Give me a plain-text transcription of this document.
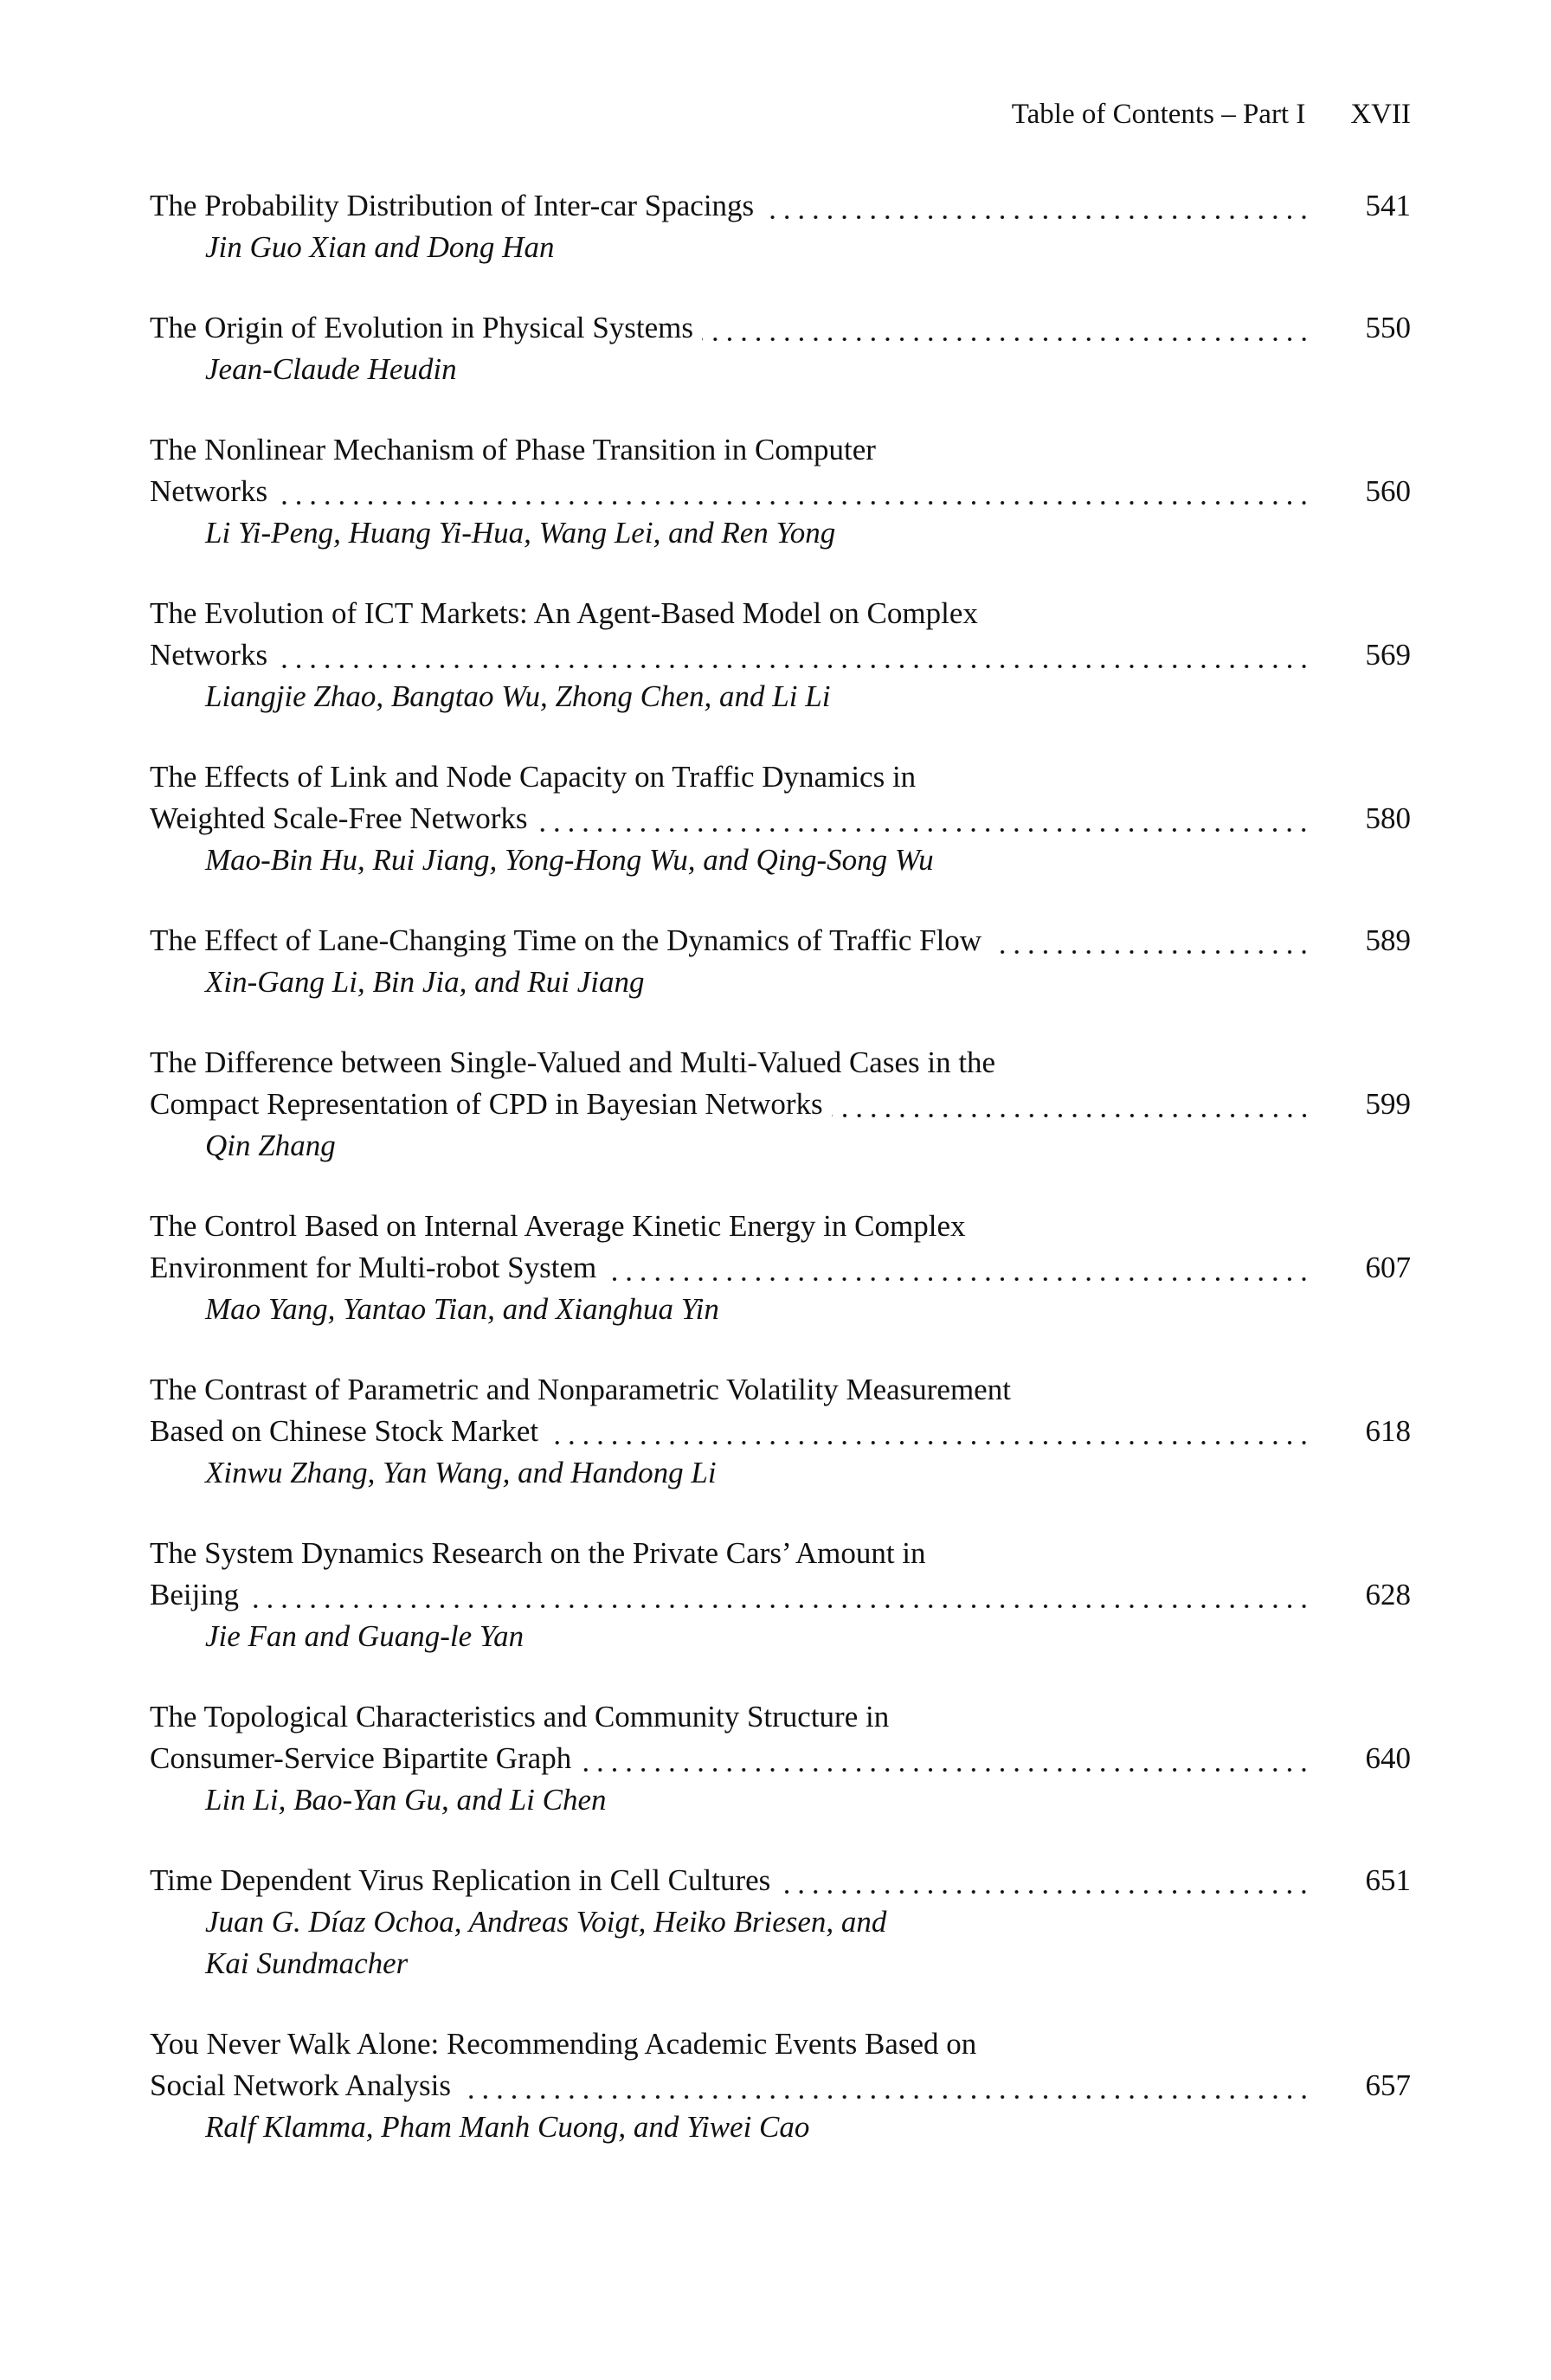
Table of Contents – Part I XVII
The Probability Distribution of Inter-car Spacings	541
Jin Guo Xian and Dong Han
The Origin of Evolution in Physical Systems	550
Jean-Claude Heudin
The Nonlinear Mechanism of Phase Transition in Computer
Networks	560
Li Yi-Peng, Huang Yi-Hua, Wang Lei, and Ren Yong
The Evolution of ICT Markets: An Agent-Based Model on Complex
Networks	569
Liangjie Zhao, Bangtao Wu, Zhong Chen, and Li Li
The Effects of Link and Node Capacity on Traffic Dynamics in
Weighted Scale-Free Networks	580
Mao-Bin Hu, Rui Jiang, Yong-Hong Wu, and Qing-Song Wu
The Effect of Lane-Changing Time on the Dynamics of Traffic Flow	589
Xin-Gang Li, Bin Jia, and Rui Jiang
The Difference between Single-Valued and Multi-Valued Cases in the
Compact Representation of CPD in Bayesian Networks	599
Qin Zhang
The Control Based on Internal Average Kinetic Energy in Complex
Environment for Multi-robot System	607
Mao Yang, Yantao Tian, and Xianghua Yin
The Contrast of Parametric and Nonparametric Volatility Measurement
Based on Chinese Stock Market	618
Xinwu Zhang, Yan Wang, and Handong Li
The System Dynamics Research on the Private Cars’ Amount in
Beijing	628
Jie Fan and Guang-le Yan
The Topological Characteristics and Community Structure in
Consumer-Service Bipartite Graph	640
Lin Li, Bao-Yan Gu, and Li Chen
Time Dependent Virus Replication in Cell Cultures	651
Juan G. Díaz Ochoa, Andreas Voigt, Heiko Briesen, and
Kai Sundmacher
You Never Walk Alone: Recommending Academic Events Based on
Social Network Analysis	657
Ralf Klamma, Pham Manh Cuong, and Yiwei Cao
